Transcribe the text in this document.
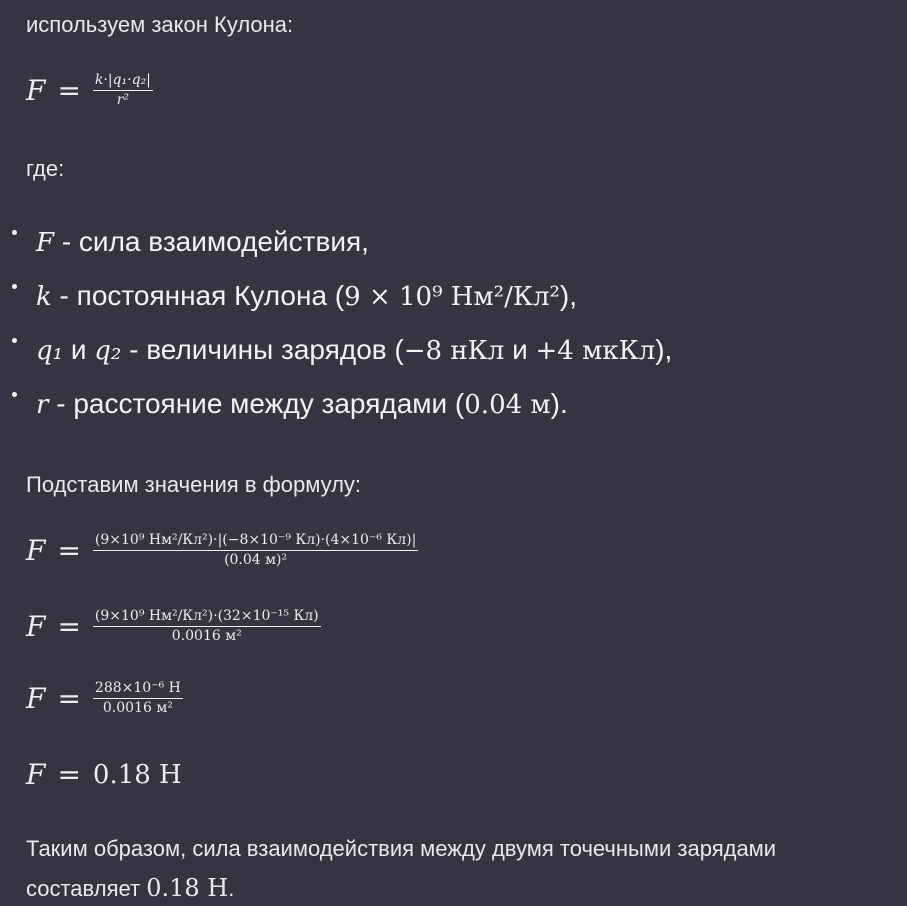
используем закон Кулона:
$F = \frac{\text{k·|q₁·q₂|}}{\text{r²}}$
где:
F - сила взаимодействия,
k - постоянная Кулона (9 × 10⁹ Нм²/Кл²),
q₁ и q₂ - величины зарядов (−8 нКл и +4 мкКл),
r - расстояние между зарядами (0.04 м).
Подставим значения в формулу:
$F = \frac{\text{(9×10⁹ Нм²/Кл²)·|(−8×10⁻⁹ Кл)·(4×10⁻⁶ Кл)|}}{\text{(0.04 м)²}}$
$F = \frac{\text{(9×10⁹ Нм²/Кл²)·(32×10⁻¹⁵ Кл)}}{\text{0.0016 м²}}$
$F = \frac{\text{288×10⁻⁶ Н}}{\text{0.0016 м²}}$
F = 0.18 Н
Таким образом, сила взаимодействия между двумя точечными зарядами
составляет 0.18 Н.
